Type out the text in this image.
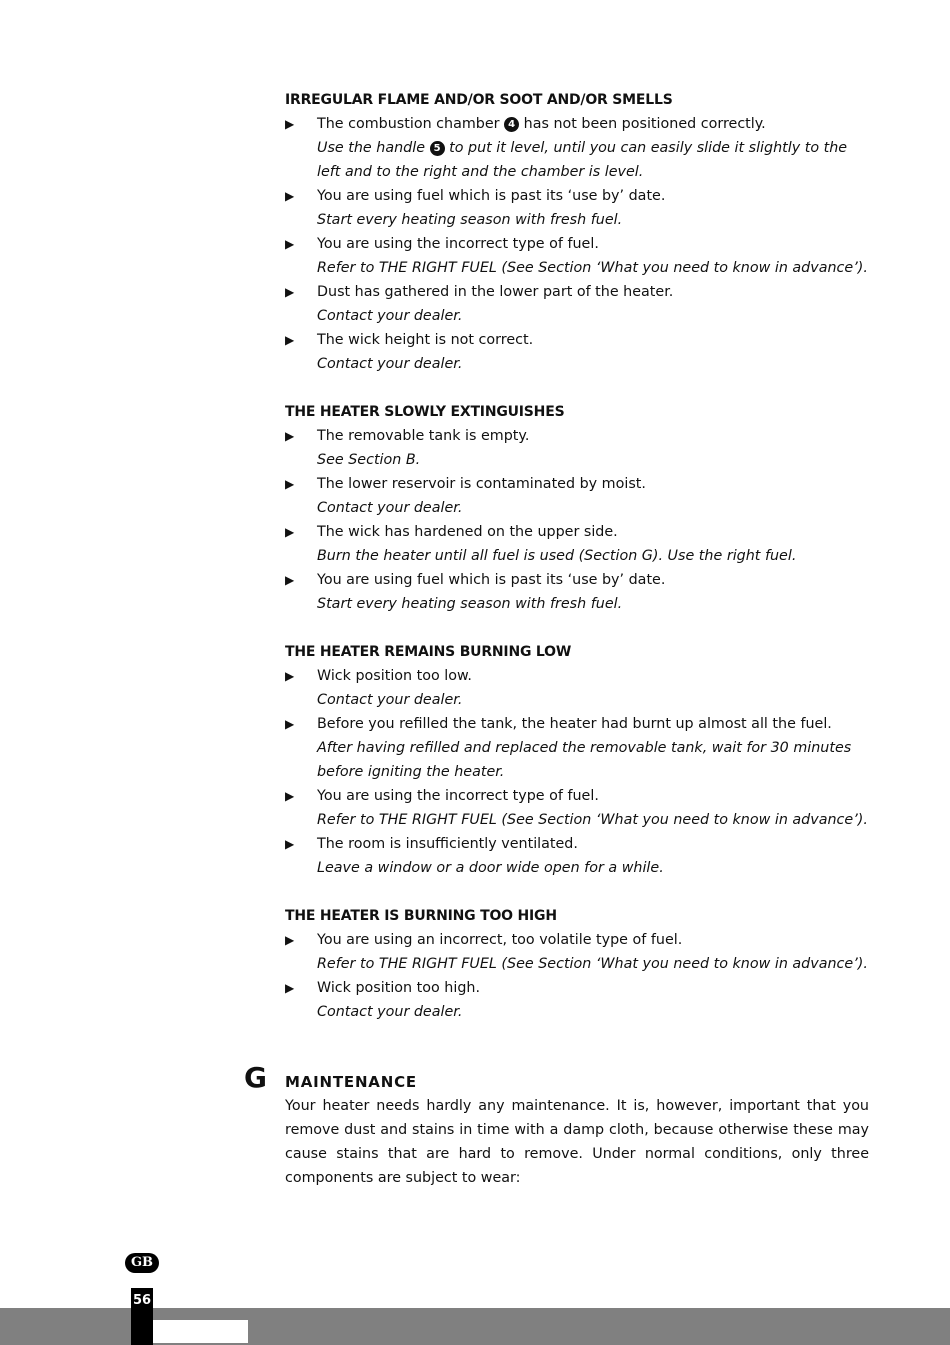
IRREGULAR FLAME AND/OR SOOT AND/OR SMELLS
▶ The combustion chamber 4 has not been positioned correctly.
Use the handle 5 to put it level, until you can easily slide it slightly to the left and to the right and the chamber is level.
▶ You are using fuel which is past its ‘use by’ date.
Start every heating season with fresh fuel.
▶ You are using the incorrect type of fuel.
Refer to THE RIGHT FUEL (See Section ‘What you need to know in advance’).
▶ Dust has gathered in the lower part of the heater.
Contact your dealer.
▶ The wick height is not correct.
Contact your dealer.
THE HEATER SLOWLY EXTINGUISHES
▶ The removable tank is empty.
See Section B.
▶ The lower reservoir is contaminated by moist.
Contact your dealer.
▶ The wick has hardened on the upper side.
Burn the heater until all fuel is used (Section G). Use the right fuel.
▶ You are using fuel which is past its ‘use by’ date.
Start every heating season with fresh fuel.
THE HEATER REMAINS BURNING LOW
▶ Wick position too low.
Contact your dealer.
▶ Before you refilled the tank, the heater had burnt up almost all the fuel.
After having refilled and replaced the removable tank, wait for 30 minutes before igniting the heater.
▶ You are using the incorrect type of fuel.
Refer to THE RIGHT FUEL (See Section ‘What you need to know in advance’).
▶ The room is insufficiently ventilated.
Leave a window or a door wide open for a while.
THE HEATER IS BURNING TOO HIGH
▶ You are using an incorrect, too volatile type of fuel.
Refer to THE RIGHT FUEL (See Section ‘What you need to know in advance’).
▶ Wick position too high.
Contact your dealer.
G MAINTENANCE
Your heater needs hardly any maintenance. It is, however, important that you remove dust and stains in time with a damp cloth, because otherwise these may cause stains that are hard to remove. Under normal conditions, only three components are subject to wear:
GB
56
